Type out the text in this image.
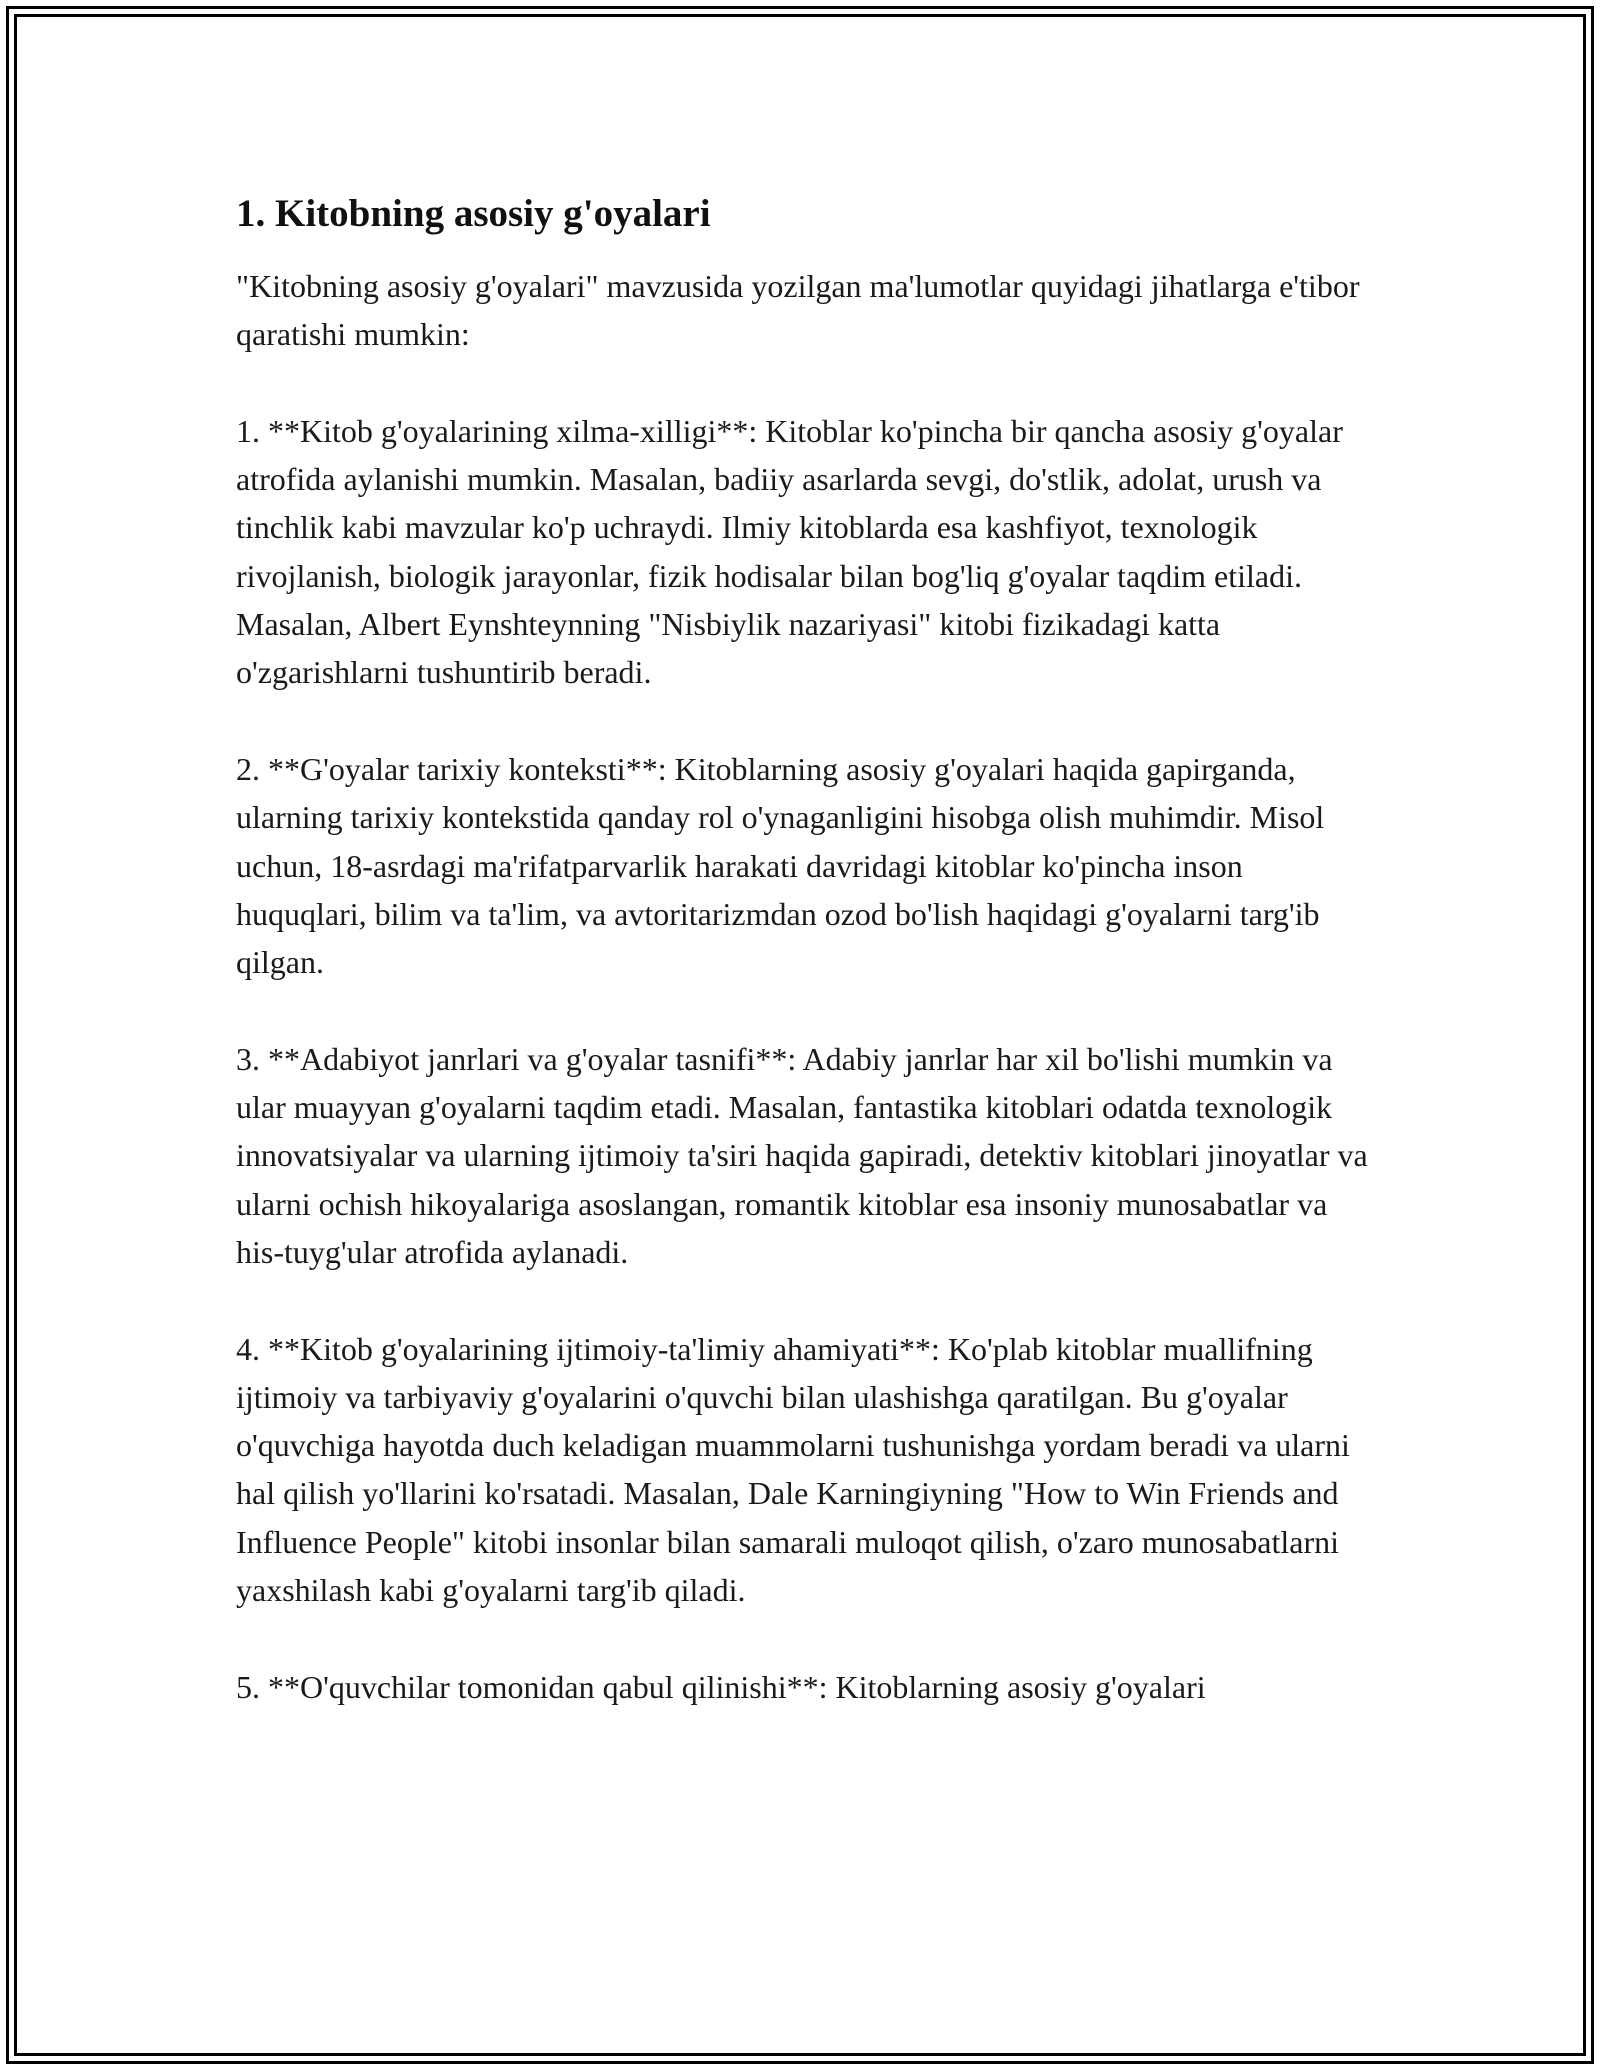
1. Kitobning asosiy g'oyalari

"Kitobning asosiy g'oyalari" mavzusida yozilgan ma'lumotlar quyidagi jihatlarga e'tibor qaratishi mumkin:

1. **Kitob g'oyalarining xilma-xilligi**: Kitoblar ko'pincha bir qancha asosiy g'oyalar atrofida aylanishi mumkin. Masalan, badiiy asarlarda sevgi, do'stlik, adolat, urush va tinchlik kabi mavzular ko'p uchraydi. Ilmiy kitoblarda esa kashfiyot, texnologik rivojlanish, biologik jarayonlar, fizik hodisalar bilan bog'liq g'oyalar taqdim etiladi. Masalan, Albert Eynshteynning "Nisbiylik nazariyasi" kitobi fizikadagi katta o'zgarishlarni tushuntirib beradi.

2. **G'oyalar tarixiy konteksti**: Kitoblarning asosiy g'oyalari haqida gapirganda, ularning tarixiy kontekstida qanday rol o'ynaganligini hisobga olish muhimdir. Misol uchun, 18-asrdagi ma'rifatparvarlik harakati davridagi kitoblar ko'pincha inson huquqlari, bilim va ta'lim, va avtoritarizmdan ozod bo'lish haqidagi g'oyalarni targ'ib qilgan.

3. **Adabiyot janrlari va g'oyalar tasnifi**: Adabiy janrlar har xil bo'lishi mumkin va ular muayyan g'oyalarni taqdim etadi. Masalan, fantastika kitoblari odatda texnologik innovatsiyalar va ularning ijtimoiy ta'siri haqida gapiradi, detektiv kitoblari jinoyatlar va ularni ochish hikoyalariga asoslangan, romantik kitoblar esa insoniy munosabatlar va his-tuyg'ular atrofida aylanadi.

4. **Kitob g'oyalarining ijtimoiy-ta'limiy ahamiyati**: Ko'plab kitoblar muallifning ijtimoiy va tarbiyaviy g'oyalarini o'quvchi bilan ulashishga qaratilgan. Bu g'oyalar o'quvchiga hayotda duch keladigan muammolarni tushunishga yordam beradi va ularni hal qilish yo'llarini ko'rsatadi. Masalan, Dale Karningiyning "How to Win Friends and Influence People" kitobi insonlar bilan samarali muloqot qilish, o'zaro munosabatlarni yaxshilash kabi g'oyalarni targ'ib qiladi.

5. **O'quvchilar tomonidan qabul qilinishi**: Kitoblarning asosiy g'oyalari
